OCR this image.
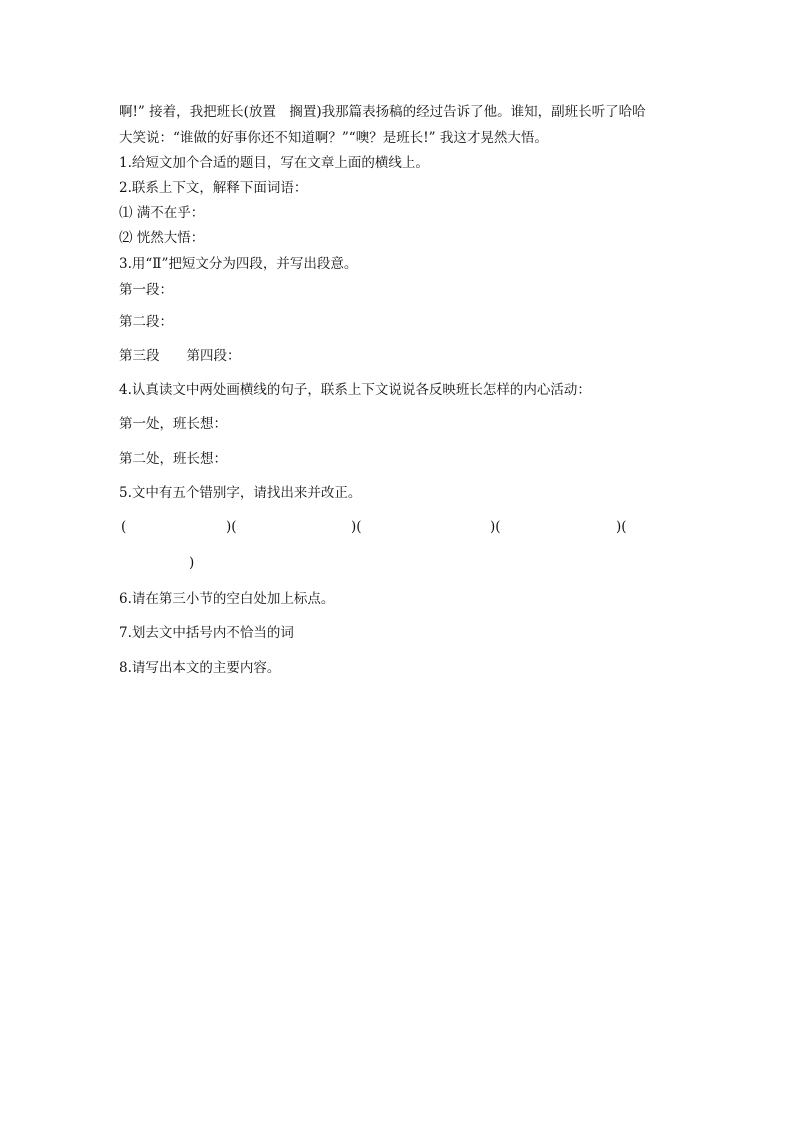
啊!” 接着，我把班长(放置　搁置)我那篇表扬稿的经过告诉了他。谁知，副班长听了哈哈
大笑说：“谁做的好事你还不知道啊？”“噢？是班长!” 我这才晃然大悟。
1.给短文加个合适的题目，写在文章上面的横线上。
2.联系上下文，解释下面词语：
⑴ 满不在乎：
⑵ 恍然大悟：
3.用“Ⅱ”把短文分为四段，并写出段意。
第一段：
第二段：
第三段　　第四段：
4.认真读文中两处画横线的句子，联系上下文说说各反映班长怎样的内心活动：
第一处，班长想：
第二处，班长想：
5.文中有五个错别字，请找出来并改正。
(	)(	)(	)(	)(
)
6.请在第三小节的空白处加上标点。
7.划去文中括号内不恰当的词
8.请写出本文的主要内容。
